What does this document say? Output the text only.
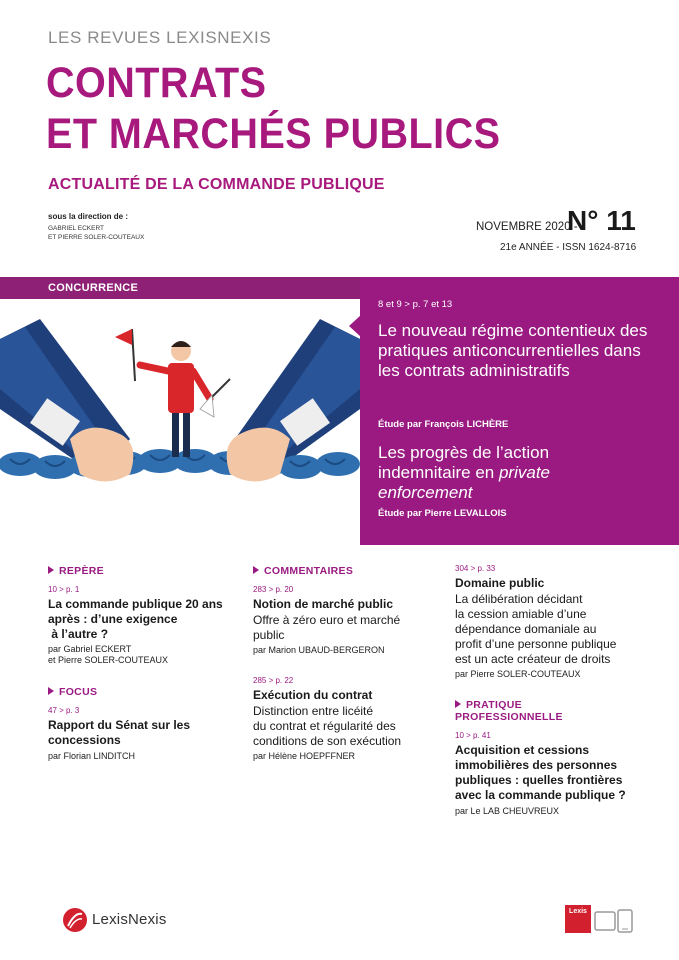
LES REVUES LEXISNEXIS
CONTRATS
ET MARCHÉS PUBLICS
ACTUALITÉ DE LA COMMANDE PUBLIQUE
sous la direction de :
GABRIEL ECKERT
ET PIERRE SOLER-COUTEAUX
NOVEMBRE 2020 -
N° 11
21e ANNÉE - ISSN 1624-8716
CONCURRENCE
8 et 9 > p. 7 et 13
Le nouveau régime contentieux des pratiques anticoncurrentielles dans les contrats administratifs
Étude par François LICHÈRE
Les progrès de l’action indemnitaire en private enforcement
Étude par Pierre LEVALLOIS
REPÈRE
10 > p. 1
La commande publique 20 ans
après : d’une exigence
à l’autre ?
par Gabriel ECKERT
et Pierre SOLER-COUTEAUX
FOCUS
47 > p. 3
Rapport du Sénat sur les
concessions
par Florian LINDITCH
COMMENTAIRES
283 > p. 20
Notion de marché public
Offre à zéro euro et marché
public
par Marion UBAUD-BERGERON
285 > p. 22
Exécution du contrat
Distinction entre licéité
du contrat et régularité des
conditions de son exécution
par Hélène HOEPFFNER
304 > p. 33
Domaine public
La délibération décidant
la cession amiable d’une
dépendance domaniale au
profit d’une personne publique
est un acte créateur de droits
par Pierre SOLER-COUTEAUX
PRATIQUE
PROFESSIONNELLE
10 > p. 41
Acquisition et cessions
immobilières des personnes
publiques : quelles frontières
avec la commande publique ?
par Le LAB CHEUVREUX
LexisNexis	Lexis
